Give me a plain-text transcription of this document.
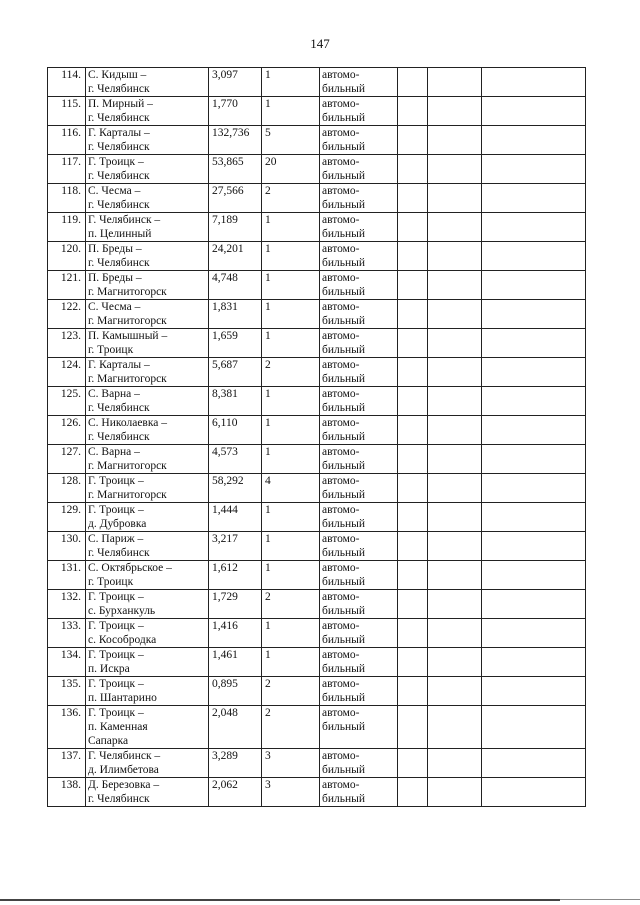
147
114.	С. Кидыш –
г. Челябинск	3,097	1	автомо-
бильный			

115.	П. Мирный –
г. Челябинск	1,770	1	автомо-
бильный			

116.	Г. Карталы –
г. Челябинск	132,736	5	автомо-
бильный			

117.	Г. Троицк –
г. Челябинск	53,865	20	автомо-
бильный			

118.	С. Чесма –
г. Челябинск	27,566	2	автомо-
бильный			

119.	Г. Челябинск –
п. Целинный	7,189	1	автомо-
бильный			

120.	П. Бреды –
г. Челябинск	24,201	1	автомо-
бильный			

121.	П. Бреды –
г. Магнитогорск	4,748	1	автомо-
бильный			

122.	С. Чесма –
г. Магнитогорск	1,831	1	автомо-
бильный			

123.	П. Камышный –
г. Троицк	1,659	1	автомо-
бильный			

124.	Г. Карталы –
г. Магнитогорск	5,687	2	автомо-
бильный			

125.	С. Варна –
г. Челябинск	8,381	1	автомо-
бильный			

126.	С. Николаевка –
г. Челябинск	6,110	1	автомо-
бильный			

127.	С. Варна –
г. Магнитогорск	4,573	1	автомо-
бильный			

128.	Г. Троицк –
г. Магнитогорск	58,292	4	автомо-
бильный			

129.	Г. Троицк –
д. Дубровка	1,444	1	автомо-
бильный			

130.	С. Париж –
г. Челябинск	3,217	1	автомо-
бильный			

131.	С. Октябрьское –
г. Троицк	1,612	1	автомо-
бильный			

132.	Г. Троицк –
с. Бурханкуль	1,729	2	автомо-
бильный			

133.	Г. Троицк –
с. Кособродка	1,416	1	автомо-
бильный			

134.	Г. Троицк –
п. Искра	1,461	1	автомо-
бильный			

135.	Г. Троицк –
п. Шантарино	0,895	2	автомо-
бильный			

136.	Г. Троицк –
п. Каменная
Сапарка	2,048	2	автомо-
бильный			

137.	Г. Челябинск –
д. Илимбетова	3,289	3	автомо-
бильный			

138.	Д. Березовка –
г. Челябинск	2,062	3	автомо-
бильный			
